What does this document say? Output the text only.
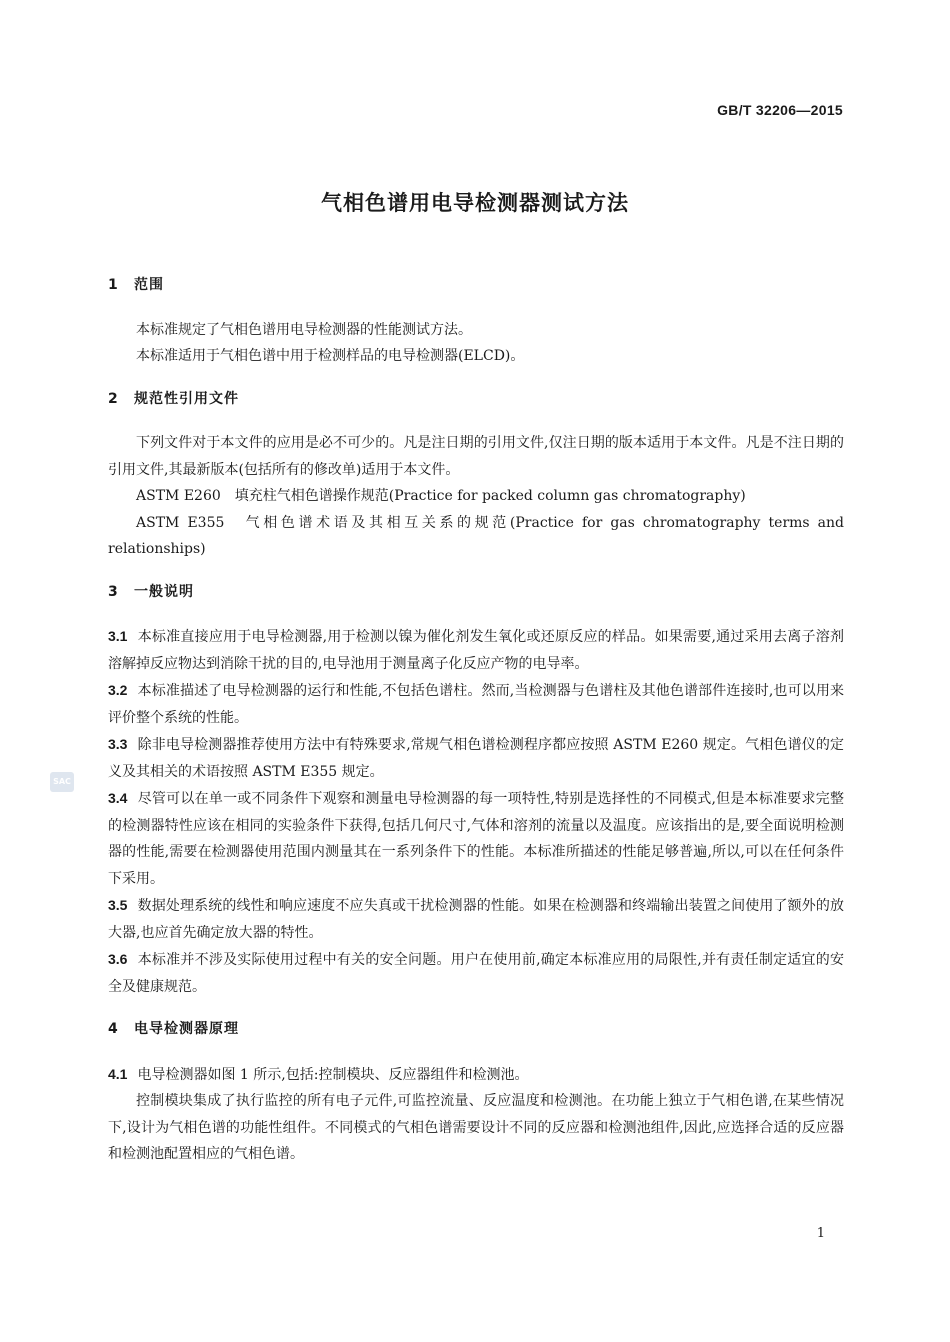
GB/T 32206—2015
气相色谱用电导检测器测试方法
SAC
1 范围

本标准规定了气相色谱用电导检测器的性能测试方法。

本标准适用于气相色谱中用于检测样品的电导检测器(ELCD)。

2 规范性引用文件

下列文件对于本文件的应用是必不可少的。凡是注日期的引用文件,仅注日期的版本适用于本文件。凡是不注日期的引用文件,其最新版本(包括所有的修改单)适用于本文件。

ASTM E260　填充柱气相色谱操作规范(Practice for packed column gas chromatography)

ASTM E355　气相色谱术语及其相互关系的规范(Practice for gas chromatography terms and relationships)

3 一般说明

3.1 本标准直接应用于电导检测器,用于检测以镍为催化剂发生氧化或还原反应的样品。如果需要,通过采用去离子溶剂溶解掉反应物达到消除干扰的目的,电导池用于测量离子化反应产物的电导率。

3.2 本标准描述了电导检测器的运行和性能,不包括色谱柱。然而,当检测器与色谱柱及其他色谱部件连接时,也可以用来评价整个系统的性能。

3.3 除非电导检测器推荐使用方法中有特殊要求,常规气相色谱检测程序都应按照 ASTM E260 规定。气相色谱仪的定义及其相关的术语按照 ASTM E355 规定。

3.4 尽管可以在单一或不同条件下观察和测量电导检测器的每一项特性,特别是选择性的不同模式,但是本标准要求完整的检测器特性应该在相同的实验条件下获得,包括几何尺寸,气体和溶剂的流量以及温度。应该指出的是,要全面说明检测器的性能,需要在检测器使用范围内测量其在一系列条件下的性能。本标准所描述的性能足够普遍,所以,可以在任何条件下采用。

3.5 数据处理系统的线性和响应速度不应失真或干扰检测器的性能。如果在检测器和终端输出装置之间使用了额外的放大器,也应首先确定放大器的特性。

3.6 本标准并不涉及实际使用过程中有关的安全问题。用户在使用前,确定本标准应用的局限性,并有责任制定适宜的安全及健康规范。

4 电导检测器原理

4.1 电导检测器如图 1 所示,包括:控制模块、反应器组件和检测池。

控制模块集成了执行监控的所有电子元件,可监控流量、反应温度和检测池。在功能上独立于气相色谱,在某些情况下,设计为气相色谱的功能性组件。不同模式的气相色谱需要设计不同的反应器和检测池组件,因此,应选择合适的反应器和检测池配置相应的气相色谱。

1
